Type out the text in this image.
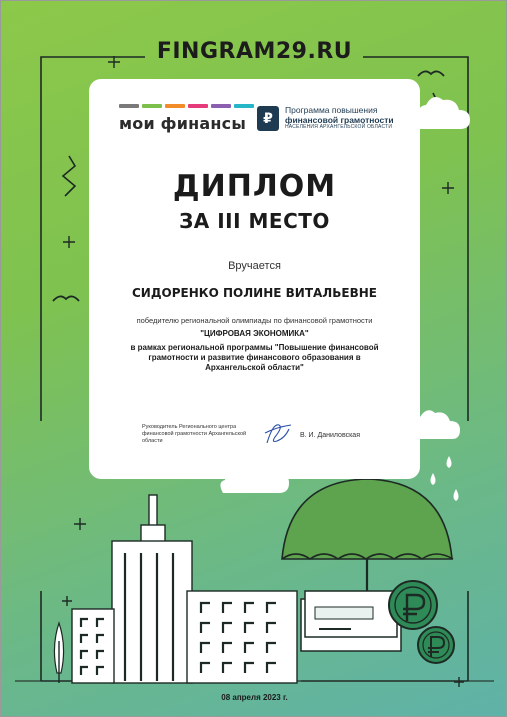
FINGRAM29.RU
мои финансы	₽	Программа повышения
финансовой грамотности
НАСЕЛЕНИЯ АРХАНГЕЛЬСКОЙ ОБЛАСТИ
ДИПЛОМ
ЗА III МЕСТО
Вручается
СИДОРЕНКО ПОЛИНЕ ВИТАЛЬЕВНЕ
победителю региональной олимпиады по финансовой грамотности
"ЦИФРОВАЯ ЭКОНОМИКА"
в рамках региональной программы "Повышение финансовой грамотности и развитие финансового образования в Архангельской области"
Руководитель Регионального центра финансовой грамотности Архангельской области
В. И. Даниловская
08 апреля 2023 г.
